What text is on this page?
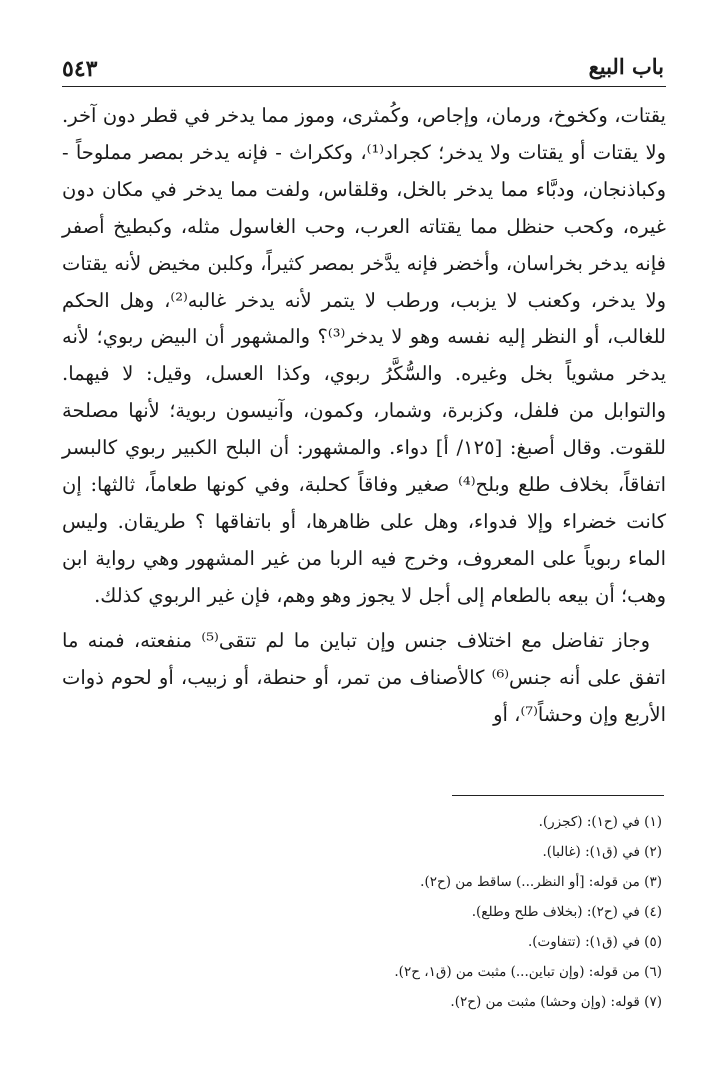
باب البيع
٥٤٣

يقتات، وكخوخ، ورمان، وإجاص، وكُمثرى، وموز مما يدخر في قطر دون آخر. ولا يقتات أو يقتات ولا يدخر؛ كجراد⁽¹⁾، وككراث - فإنه يدخر بمصر مملوحاً - وكباذنجان، ودبَّاء مما يدخر بالخل، وقلقاس، ولفت مما يدخر في مكان دون غيره، وكحب حنظل مما يقتاته العرب، وحب الغاسول مثله، وكبطيخ أصفر فإنه يدخر بخراسان، وأخضر فإنه يدَّخر بمصر كثيراً، وكلبن مخيض لأنه يقتات ولا يدخر، وكعنب لا يزبب، ورطب لا يتمر لأنه يدخر غالبه⁽²⁾، وهل الحكم للغالب، أو النظر إليه نفسه وهو لا يدخر⁽³⁾؟ والمشهور أن البيض ربوي؛ لأنه يدخر مشوياً بخل وغيره. والسُّكَّرُ ربوي، وكذا العسل، وقيل: لا فيهما. والتوابل من فلفل، وكزبرة، وشمار، وكمون، وآنيسون ربوية؛ لأنها مصلحة للقوت. وقال أصبغ: [١٢٥/ أ] دواء. والمشهور: أن البلح الكبير ربوي كالبسر اتفاقاً، بخلاف طلع وبلح⁽⁴⁾ صغير وفاقاً كحلبة، وفي كونها طعاماً، ثالثها: إن كانت خضراء وإلا فدواء، وهل على ظاهرها، أو باتفاقها ؟ طريقان. وليس الماء ربوياً على المعروف، وخرج فيه الربا من غير المشهور وهي رواية ابن وهب؛ أن بيعه بالطعام إلى أجل لا يجوز وهو وهم، فإن غير الربوي كذلك.

وجاز تفاضل مع اختلاف جنس وإن تباين ما لم تتقى⁽⁵⁾ منفعته، فمنه ما اتفق على أنه جنس⁽⁶⁾ كالأصناف من تمر، أو حنطة، أو زبيب، أو لحوم ذوات الأربع وإن وحشاً⁽⁷⁾، أو

(١) في (ح١): (كجزر).

(٢) في (ق١): (غالبا).

(٣) من قوله: [أو النظر...) ساقط من (ح٢).

(٤) في (ح٢): (بخلاف طلح وطلع).

(٥) في (ق١): (تتفاوت).

(٦) من قوله: (وإن تباين...) مثبت من (ق١، ح٢).

(٧) قوله: (وإن وحشا) مثبت من (ح٢).
